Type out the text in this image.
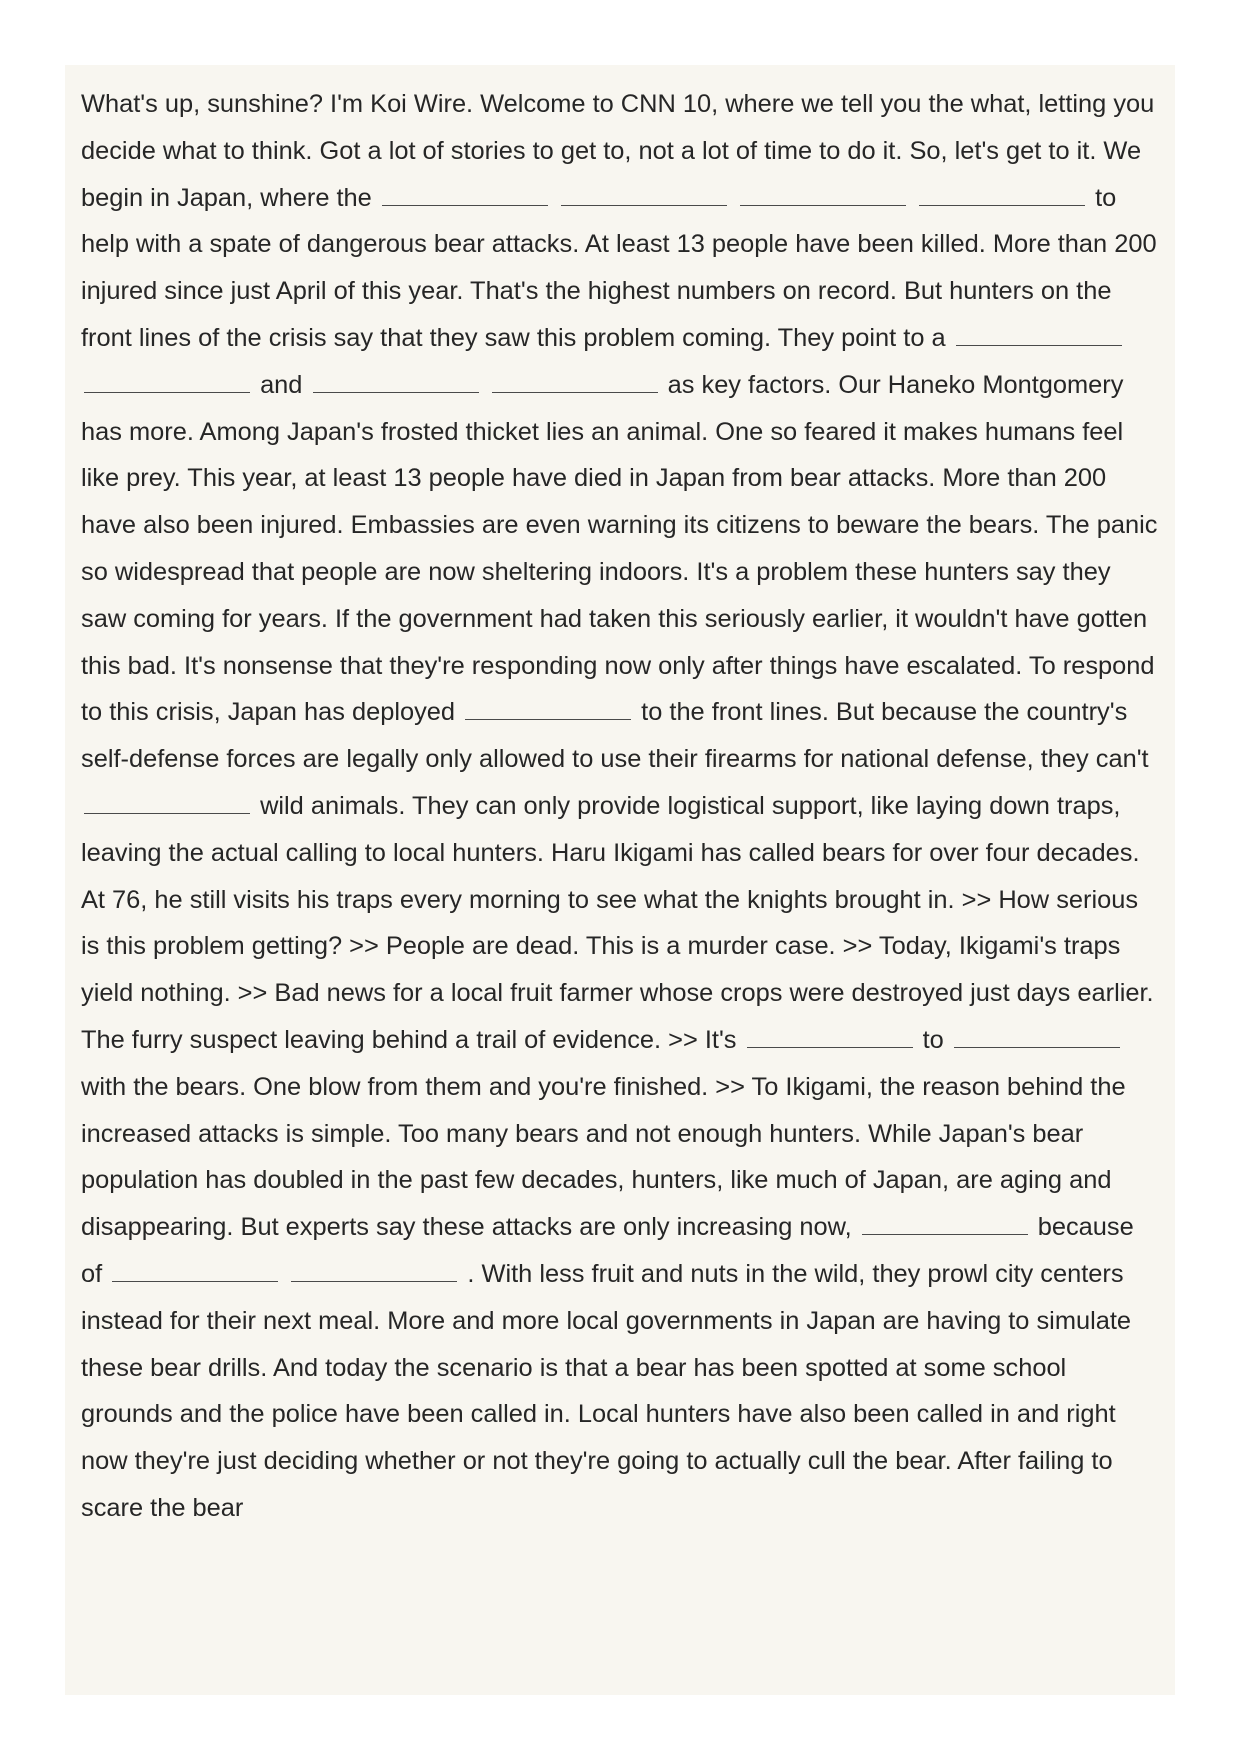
What's up, sunshine? I'm Koi Wire. Welcome to CNN 10, where we tell you the what, letting you decide what to think. Got a lot of stories to get to, not a lot of time to do it. So, let's get to it. We begin in Japan, where the	to help with a spate of dangerous bear attacks. At least 13 people have been killed. More than 200 injured since just April of this year. That's the highest numbers on record. But hunters on the front lines of the crisis say that they saw this problem coming. They point to a   and	as key factors. Our Haneko Montgomery has more. Among Japan's frosted thicket lies an animal. One so feared it makes humans feel like prey. This year, at least 13 people have died in Japan from bear attacks. More than 200 have also been injured. Embassies are even warning its citizens to beware the bears. The panic so widespread that people are now sheltering indoors. It's a problem these hunters say they saw coming for years. If the government had taken this seriously earlier, it wouldn't have gotten this bad. It's nonsense that they're responding now only after things have escalated. To respond to this crisis, Japan has deployed	to the front lines. But because the country's self-defense forces are legally only allowed to use their firearms for national defense, they can't  wild animals. They can only provide logistical support, like laying down traps, leaving the actual calling to local hunters. Haru Ikigami has called bears for over four decades. At 76, he still visits his traps every morning to see what the knights brought in. >> How serious is this problem getting? >> People are dead. This is a murder case. >> Today, Ikigami's traps yield nothing. >> Bad news for a local fruit farmer whose crops were destroyed just days earlier. The furry suspect leaving behind a trail of evidence. >> It's	to  with the bears. One blow from them and you're finished. >> To Ikigami, the reason behind the increased attacks is simple. Too many bears and not enough hunters. While Japan's bear population has doubled in the past few decades, hunters, like much of Japan, are aging and disappearing. But experts say these attacks are only increasing now,	because of	. With less fruit and nuts in the wild, they prowl city centers instead for their next meal. More and more local governments in Japan are having to simulate these bear drills. And today the scenario is that a bear has been spotted at some school grounds and the police have been called in. Local hunters have also been called in and right now they're just deciding whether or not they're going to actually cull the bear. After failing to scare the bear
